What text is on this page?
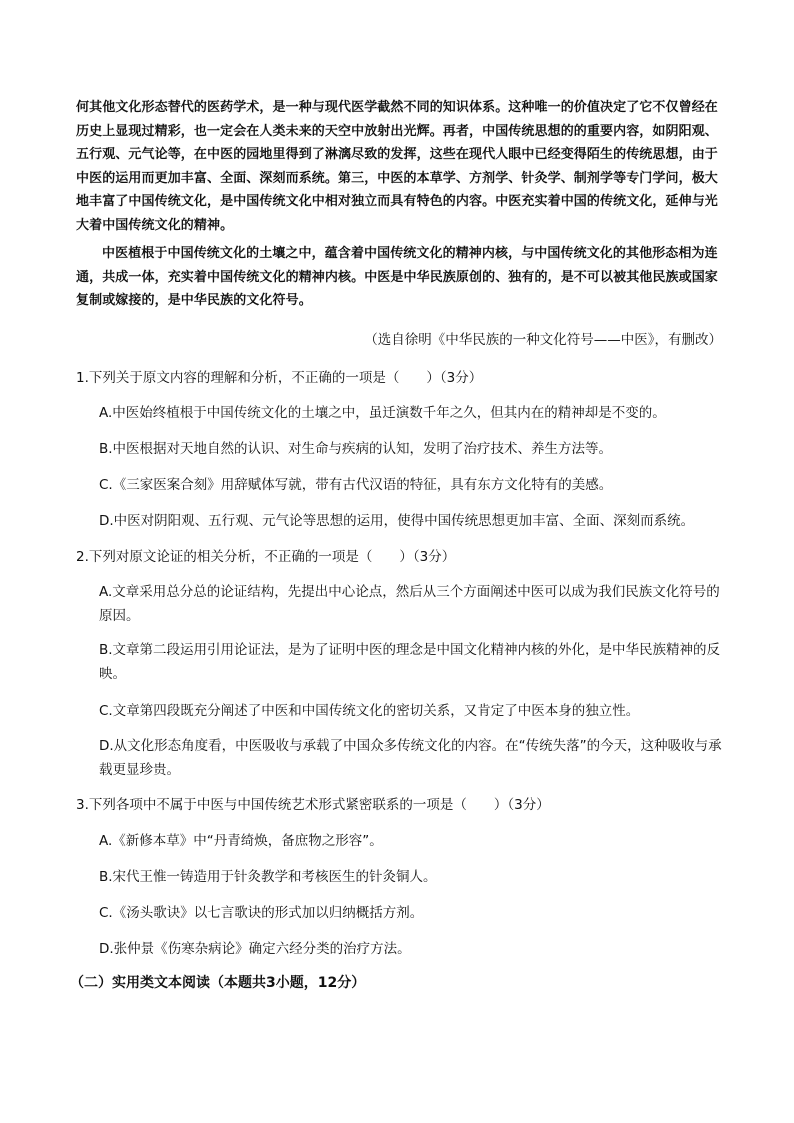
何其他文化形态替代的医药学术，是一种与现代医学截然不同的知识体系。这种唯一的价值决定了它不仅曾经在历史上显现过精彩，也一定会在人类未来的天空中放射出光辉。再者，中国传统思想的的重要内容，如阴阳观、五行观、元气论等，在中医的园地里得到了淋漓尽致的发挥，这些在现代人眼中已经变得陌生的传统思想，由于中医的运用而更加丰富、全面、深刻而系统。第三，中医的本草学、方剂学、针灸学、制剂学等专门学问，极大地丰富了中国传统文化，是中国传统文化中相对独立而具有特色的内容。中医充实着中国的传统文化，延伸与光大着中国传统文化的精神。
中医植根于中国传统文化的土壤之中，蕴含着中国传统文化的精神内核，与中国传统文化的其他形态相为连通，共成一体，充实着中国传统文化的精神内核。中医是中华民族原创的、独有的，是不可以被其他民族或国家复制或嫁接的，是中华民族的文化符号。
（选自徐明《中华民族的一种文化符号——中医》，有删改）
1.下列关于原文内容的理解和分析，不正确的一项是（　　）（3分）
A.中医始终植根于中国传统文化的土壤之中，虽迁演数千年之久，但其内在的精神却是不变的。
B.中医根据对天地自然的认识、对生命与疾病的认知，发明了治疗技术、养生方法等。
C.《三家医案合刻》用辞赋体写就，带有古代汉语的特征，具有东方文化特有的美感。
D.中医对阴阳观、五行观、元气论等思想的运用，使得中国传统思想更加丰富、全面、深刻而系统。
2.下列对原文论证的相关分析，不正确的一项是（　　）（3分）
A.文章采用总分总的论证结构，先提出中心论点，然后从三个方面阐述中医可以成为我们民族文化符号的原因。
B.文章第二段运用引用论证法，是为了证明中医的理念是中国文化精神内核的外化，是中华民族精神的反映。
C.文章第四段既充分阐述了中医和中国传统文化的密切关系，又肯定了中医本身的独立性。
D.从文化形态角度看，中医吸收与承载了中国众多传统文化的内容。在“传统失落”的今天，这种吸收与承载更显珍贵。
3.下列各项中不属于中医与中国传统艺术形式紧密联系的一项是（　　）（3分）
A.《新修本草》中“丹青绮焕，备庶物之形容”。
B.宋代王惟一铸造用于针灸教学和考核医生的针灸铜人。
C.《汤头歌诀》以七言歌诀的形式加以归纳概括方剂。
D.张仲景《伤寒杂病论》确定六经分类的治疗方法。
（二）实用类文本阅读（本题共3小题，12分）
